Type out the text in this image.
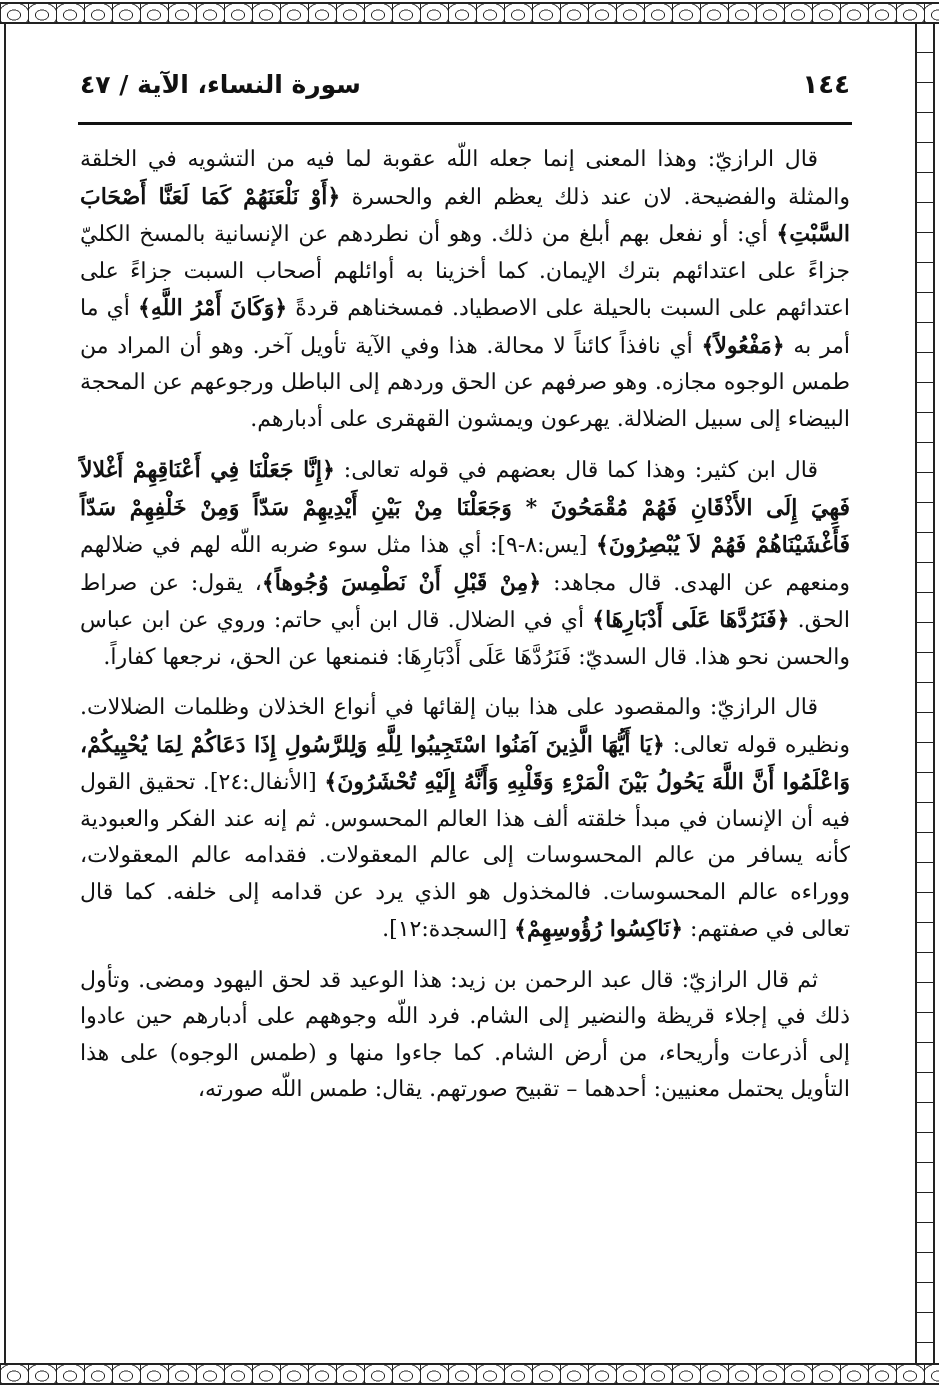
١٤٤
سورة النساء، الآية / ٤٧

قال الرازيّ: وهذا المعنى إنما جعله اللّه عقوبة لما فيه من التشويه في الخلقة والمثلة والفضيحة. لان عند ذلك يعظم الغم والحسرة ﴿أَوْ نَلْعَنَهُمْ كَمَا لَعَنَّا أَصْحَابَ السَّبْتِ﴾ أي: أو نفعل بهم أبلغ من ذلك. وهو أن نطردهم عن الإنسانية بالمسخ الكليّ جزاءً على اعتدائهم بترك الإيمان. كما أخزينا به أوائلهم أصحاب السبت جزاءً على اعتدائهم على السبت بالحيلة على الاصطياد. فمسخناهم قردةً ﴿وَكَانَ أَمْرُ اللَّهِ﴾ أي ما أمر به ﴿مَفْعُولاً﴾ أي نافذاً كائناً لا محالة. هذا وفي الآية تأويل آخر. وهو أن المراد من طمس الوجوه مجازه. وهو صرفهم عن الحق وردهم إلى الباطل ورجوعهم عن المحجة البيضاء إلى سبيل الضلالة. يهرعون ويمشون القهقرى على أدبارهم.

قال ابن كثير: وهذا كما قال بعضهم في قوله تعالى: ﴿إِنَّا جَعَلْنَا فِي أَعْنَاقِهِمْ أَغْلالاً فَهِيَ إِلَى الأَذْقَانِ فَهُمْ مُقْمَحُونَ * وَجَعَلْنَا مِنْ بَيْنِ أَيْدِيهِمْ سَدّاً وَمِنْ خَلْفِهِمْ سَدّاً فَأَغْشَيْنَاهُمْ فَهُمْ لاَ يُبْصِرُونَ﴾ [يس:٨-٩]: أي هذا مثل سوء ضربه اللّه لهم في ضلالهم ومنعهم عن الهدى. قال مجاهد: ﴿مِنْ قَبْلِ أَنْ نَطْمِسَ وُجُوهاً﴾، يقول: عن صراط الحق. ﴿فَنَرُدَّهَا عَلَى أَدْبَارِهَا﴾ أي في الضلال. قال ابن أبي حاتم: وروي عن ابن عباس والحسن نحو هذا. قال السديّ: فَنَرُدَّهَا عَلَى أَدْبَارِهَا: فنمنعها عن الحق، نرجعها كفاراً.

قال الرازيّ: والمقصود على هذا بيان إلقائها في أنواع الخذلان وظلمات الضلالات. ونظيره قوله تعالى: ﴿يَا أَيُّهَا الَّذِينَ آمَنُوا اسْتَجِيبُوا لِلَّهِ وَلِلرَّسُولِ إِذَا دَعَاكُمْ لِمَا يُحْيِيكُمْ، وَاعْلَمُوا أَنَّ اللَّهَ يَحُولُ بَيْنَ الْمَرْءِ وَقَلْبِهِ وَأَنَّهُ إِلَيْهِ تُحْشَرُونَ﴾ [الأنفال:٢٤]. تحقيق القول فيه أن الإنسان في مبدأ خلقته ألف هذا العالم المحسوس. ثم إنه عند الفكر والعبودية كأنه يسافر من عالم المحسوسات إلى عالم المعقولات. فقدامه عالم المعقولات، ووراءه عالم المحسوسات. فالمخذول هو الذي يرد عن قدامه إلى خلفه. كما قال تعالى في صفتهم: ﴿نَاكِسُوا رُؤُوسِهِمْ﴾ [السجدة:١٢].

ثم قال الرازيّ: قال عبد الرحمن بن زيد: هذا الوعيد قد لحق اليهود ومضى. وتأول ذلك في إجلاء قريظة والنضير إلى الشام. فرد اللّه وجوههم على أدبارهم حين عادوا إلى أذرعات وأريحاء، من أرض الشام. كما جاءوا منها و (طمس الوجوه) على هذا التأويل يحتمل معنيين: أحدهما – تقبيح صورتهم. يقال: طمس اللّه صورته،
